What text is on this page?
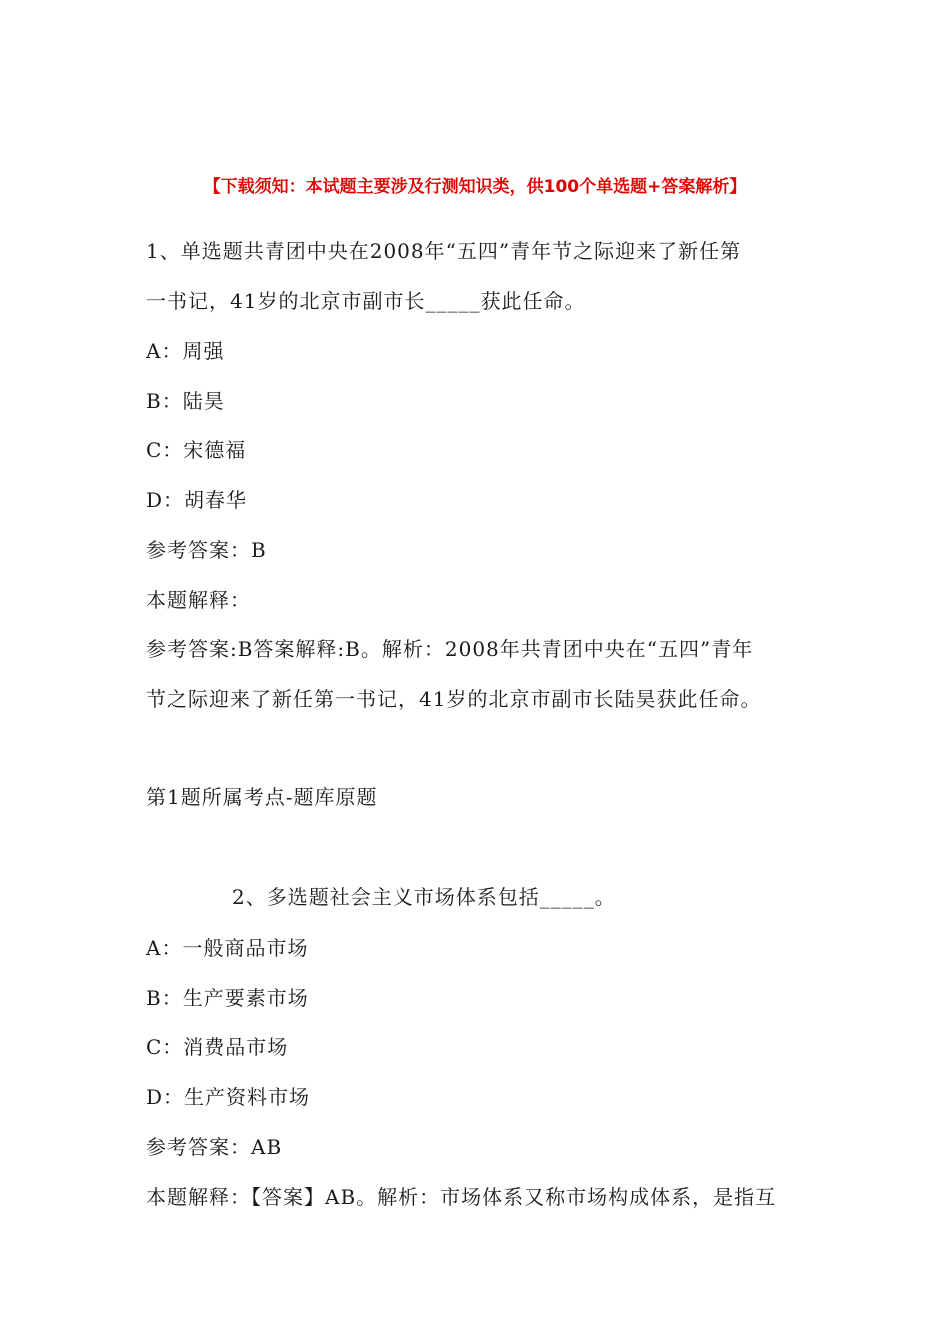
【下载须知：本试题主要涉及行测知识类，供100个单选题+答案解析】
1、单选题共青团中央在2008年“五四”青年节之际迎来了新任第
一书记，41岁的北京市副市长_____获此任命。
A：周强
B：陆昊
C：宋德福
D：胡春华
参考答案：B
本题解释：
参考答案:B答案解释:B。解析：2008年共青团中央在“五四”青年
节之际迎来了新任第一书记，41岁的北京市副市长陆昊获此任命。
第1题所属考点-题库原题
2、多选题社会主义市场体系包括_____。
A：一般商品市场
B：生产要素市场
C：消费品市场
D：生产资料市场
参考答案：AB
本题解释：【答案】AB。解析：市场体系又称市场构成体系，是指互
